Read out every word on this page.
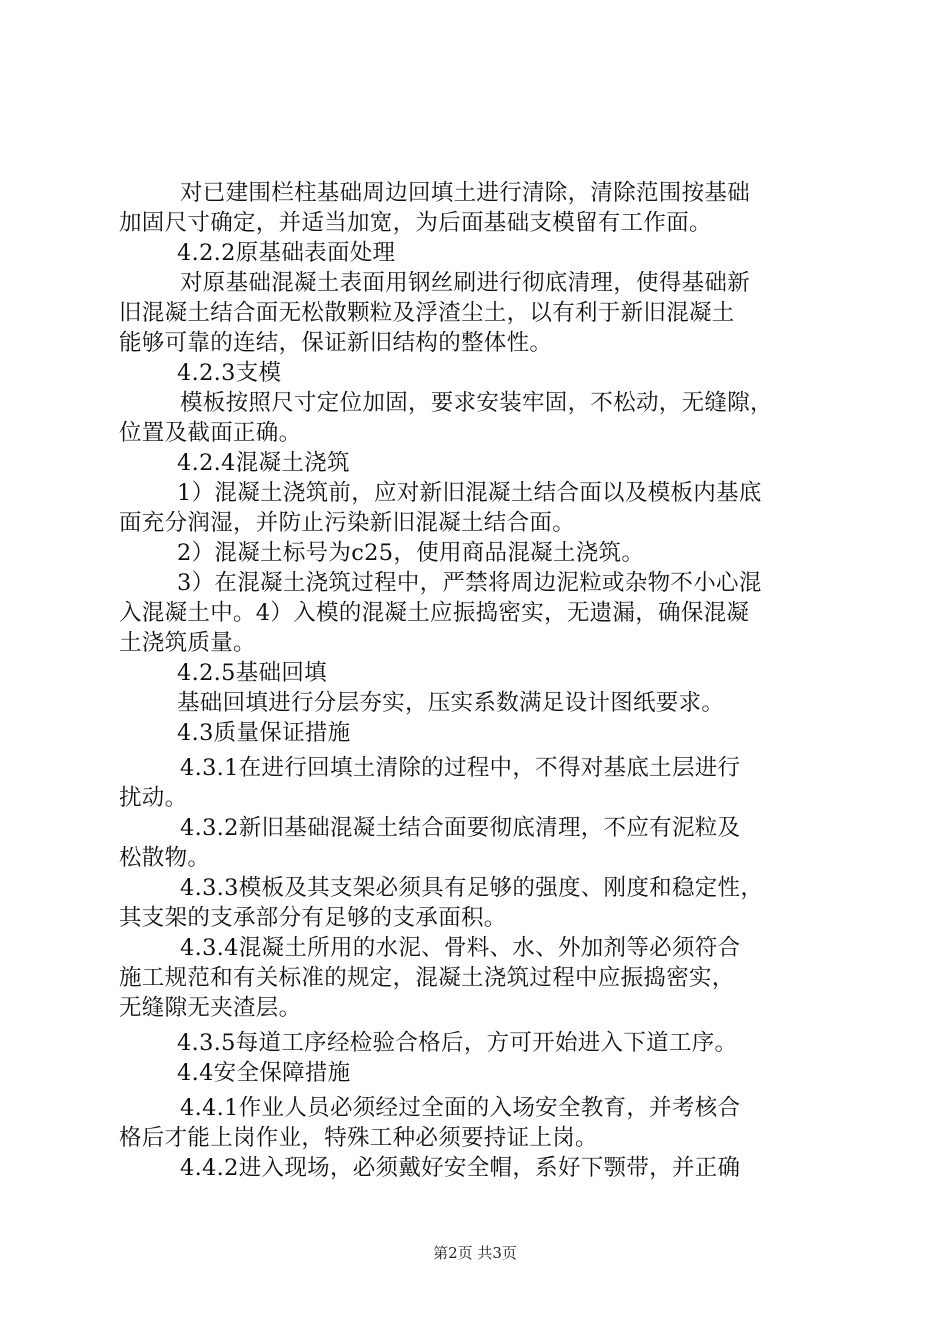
对已建围栏柱基础周边回填土进行清除，清除范围按基础
加固尺寸确定，并适当加宽，为后面基础支模留有工作面。
4.2.2原基础表面处理
对原基础混凝土表面用钢丝刷进行彻底清理，使得基础新
旧混凝土结合面无松散颗粒及浮渣尘土，以有利于新旧混凝土
能够可靠的连结，保证新旧结构的整体性。
4.2.3支模
模板按照尺寸定位加固，要求安装牢固，不松动，无缝隙，
位置及截面正确。
4.2.4混凝土浇筑
1）混凝土浇筑前，应对新旧混凝土结合面以及模板内基底
面充分润湿，并防止污染新旧混凝土结合面。
2）混凝土标号为c25，使用商品混凝土浇筑。
3）在混凝土浇筑过程中，严禁将周边泥粒或杂物不小心混
入混凝土中。4）入模的混凝土应振捣密实，无遗漏，确保混凝
土浇筑质量。
4.2.5基础回填
基础回填进行分层夯实，压实系数满足设计图纸要求。
4.3质量保证措施
4.3.1在进行回填土清除的过程中，不得对基底土层进行
扰动。
4.3.2新旧基础混凝土结合面要彻底清理，不应有泥粒及
松散物。
4.3.3模板及其支架必须具有足够的强度、刚度和稳定性，
其支架的支承部分有足够的支承面积。
4.3.4混凝土所用的水泥、骨料、水、外加剂等必须符合
施工规范和有关标准的规定，混凝土浇筑过程中应振捣密实，
无缝隙无夹渣层。
4.3.5每道工序经检验合格后，方可开始进入下道工序。
4.4安全保障措施
4.4.1作业人员必须经过全面的入场安全教育，并考核合
格后才能上岗作业，特殊工种必须要持证上岗。
4.4.2进入现场，必须戴好安全帽，系好下颚带，并正确
第2页 共3页
